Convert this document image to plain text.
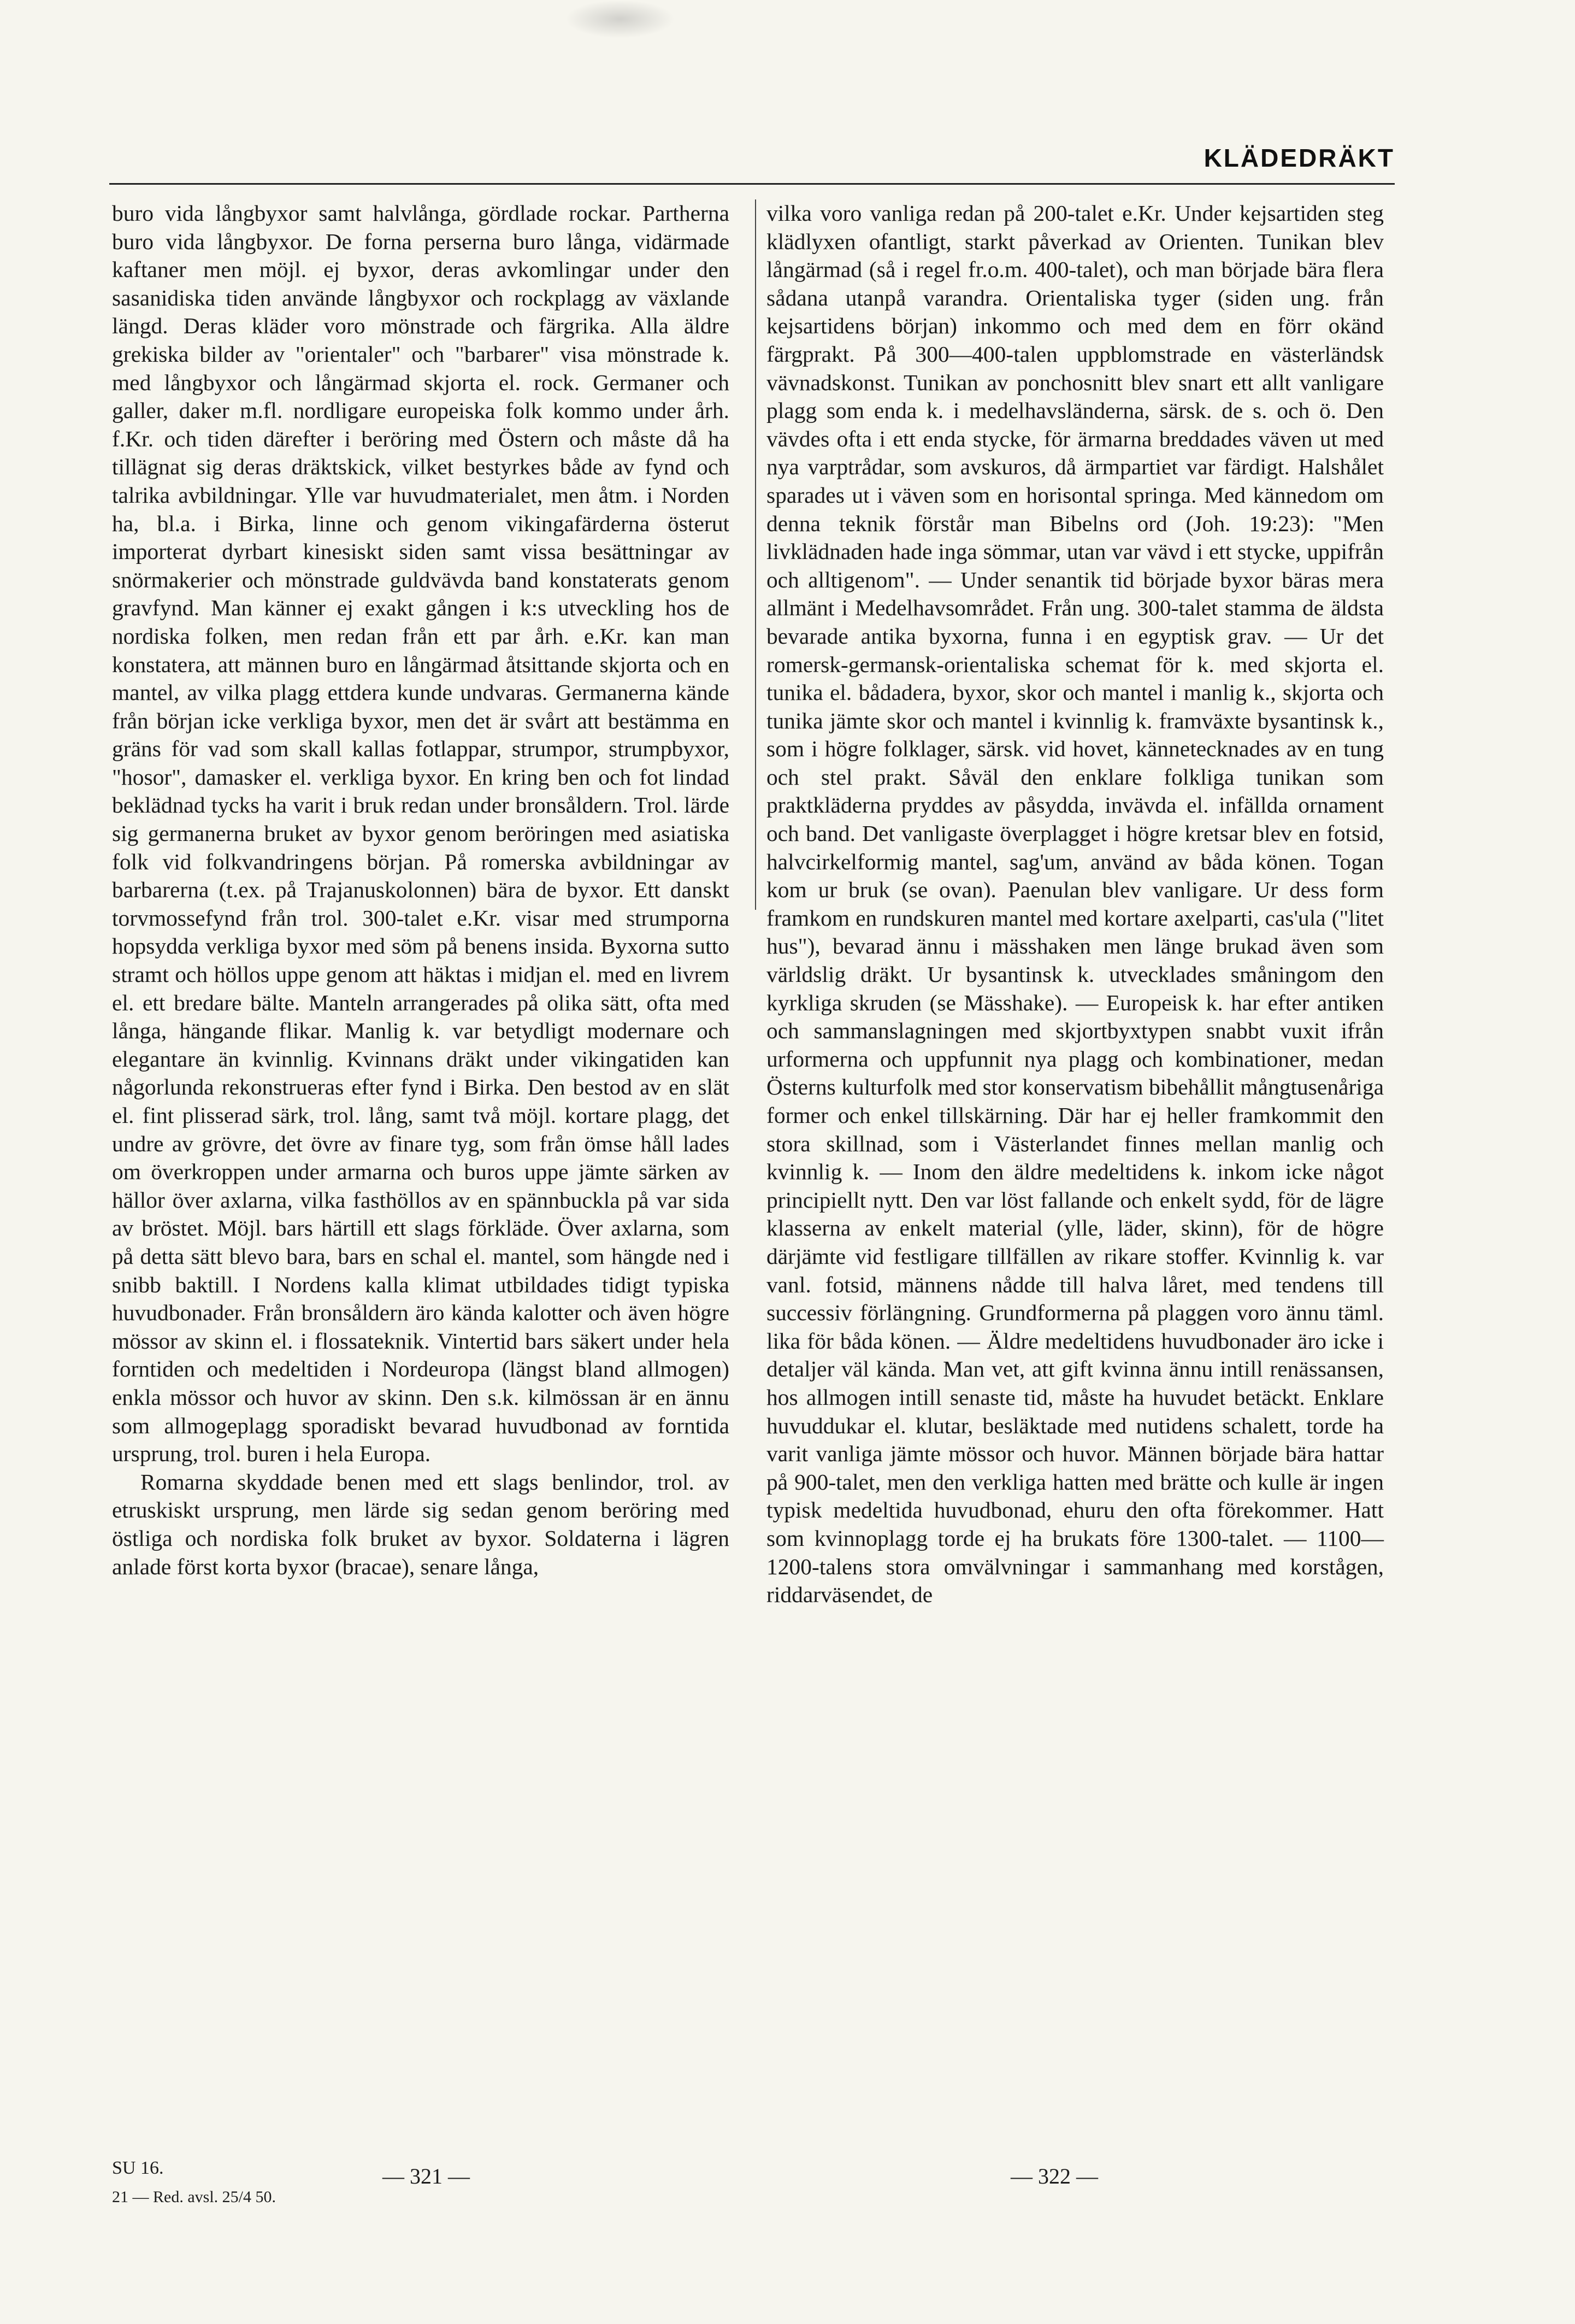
KLÄDEDRÄKT

buro vida långbyxor samt halvlånga, gördlade rockar. Partherna buro vida långbyxor. De forna perserna buro långa, vidärmade kaftaner men möjl. ej byxor, deras avkomlingar under den sasanidiska tiden använde långbyxor och rockplagg av växlande längd. Deras kläder voro mönstrade och färgrika. Alla äldre grekiska bilder av "orientaler" och "barbarer" visa mönstrade k. med långbyxor och långärmad skjorta el. rock. Germaner och galler, daker m.fl. nordligare europeiska folk kommo under årh. f.Kr. och tiden därefter i beröring med Östern och måste då ha tillägnat sig deras dräktskick, vilket bestyrkes både av fynd och talrika avbildningar. Ylle var huvudmaterialet, men åtm. i Norden ha, bl.a. i Birka, linne och genom vikingafärderna österut importerat dyrbart kinesiskt siden samt vissa besättningar av snörmakerier och mönstrade guldvävda band konstaterats genom gravfynd. Man känner ej exakt gången i k:s utveckling hos de nordiska folken, men redan från ett par årh. e.Kr. kan man konstatera, att männen buro en långärmad åtsittande skjorta och en mantel, av vilka plagg ettdera kunde undvaras. Germanerna kände från början icke verkliga byxor, men det är svårt att bestämma en gräns för vad som skall kallas fotlappar, strumpor, strumpbyxor, "hosor", damasker el. verkliga byxor. En kring ben och fot lindad beklädnad tycks ha varit i bruk redan under bronsåldern. Trol. lärde sig germanerna bruket av byxor genom beröringen med asiatiska folk vid folkvandringens början. På romerska avbildningar av barbarerna (t.ex. på Trajanuskolonnen) bära de byxor. Ett danskt torvmossefynd från trol. 300-talet e.Kr. visar med strumporna hopsydda verkliga byxor med söm på benens insida. Byxorna sutto stramt och höllos uppe genom att häktas i midjan el. med en livrem el. ett bredare bälte. Manteln arrangerades på olika sätt, ofta med långa, hängande flikar. Manlig k. var betydligt modernare och elegantare än kvinnlig. Kvinnans dräkt under vikingatiden kan någorlunda rekonstrueras efter fynd i Birka. Den bestod av en slät el. fint plisserad särk, trol. lång, samt två möjl. kortare plagg, det undre av grövre, det övre av finare tyg, som från ömse håll lades om överkroppen under armarna och buros uppe jämte särken av hällor över axlarna, vilka fasthöllos av en spännbuckla på var sida av bröstet. Möjl. bars härtill ett slags förkläde. Över axlarna, som på detta sätt blevo bara, bars en schal el. mantel, som hängde ned i snibb baktill. I Nordens kalla klimat utbildades tidigt typiska huvudbonader. Från bronsåldern äro kända kalotter och även högre mössor av skinn el. i flossateknik. Vintertid bars säkert under hela forntiden och medeltiden i Nordeuropa (längst bland allmogen) enkla mössor och huvor av skinn. Den s.k. kilmössan är en ännu som allmogeplagg sporadiskt bevarad huvudbonad av forntida ursprung, trol. buren i hela Europa.

Romarna skyddade benen med ett slags benlindor, trol. av etruskiskt ursprung, men lärde sig sedan genom beröring med östliga och nordiska folk bruket av byxor. Soldaterna i lägren anlade först korta byxor (bracae), senare långa,

vilka voro vanliga redan på 200-talet e.Kr. Under kejsartiden steg klädlyxen ofantligt, starkt påverkad av Orienten. Tunikan blev långärmad (så i regel fr.o.m. 400-talet), och man började bära flera sådana utanpå varandra. Orientaliska tyger (siden ung. från kejsartidens början) inkommo och med dem en förr okänd färgprakt. På 300—400-talen uppblomstrade en västerländsk vävnadskonst. Tunikan av ponchosnitt blev snart ett allt vanligare plagg som enda k. i medelhavsländerna, särsk. de s. och ö. Den vävdes ofta i ett enda stycke, för ärmarna breddades väven ut med nya varptrådar, som avskuros, då ärmpartiet var färdigt. Halshålet sparades ut i väven som en horisontal springa. Med kännedom om denna teknik förstår man Bibelns ord (Joh. 19:23): "Men livklädnaden hade inga sömmar, utan var vävd i ett stycke, uppifrån och alltigenom". — Under senantik tid började byxor bäras mera allmänt i Medelhavsområdet. Från ung. 300-talet stamma de äldsta bevarade antika byxorna, funna i en egyptisk grav. — Ur det romersk-germansk-orientaliska schemat för k. med skjorta el. tunika el. bådadera, byxor, skor och mantel i manlig k., skjorta och tunika jämte skor och mantel i kvinnlig k. framväxte bysantinsk k., som i högre folklager, särsk. vid hovet, kännetecknades av en tung och stel prakt. Såväl den enklare folkliga tunikan som praktkläderna pryddes av påsydda, invävda el. infällda ornament och band. Det vanligaste överplagget i högre kretsar blev en fotsid, halvcirkelformig mantel, sag'um, använd av båda könen. Togan kom ur bruk (se ovan). Paenulan blev vanligare. Ur dess form framkom en rundskuren mantel med kortare axelparti, cas'ula ("litet hus"), bevarad ännu i mässhaken men länge brukad även som världslig dräkt. Ur bysantinsk k. utvecklades småningom den kyrkliga skruden (se Mässhake). — Europeisk k. har efter antiken och sammanslagningen med skjortbyxtypen snabbt vuxit ifrån urformerna och uppfunnit nya plagg och kombinationer, medan Österns kulturfolk med stor konservatism bibehållit mångtusenåriga former och enkel tillskärning. Där har ej heller framkommit den stora skillnad, som i Västerlandet finnes mellan manlig och kvinnlig k. — Inom den äldre medeltidens k. inkom icke något principiellt nytt. Den var löst fallande och enkelt sydd, för de lägre klasserna av enkelt material (ylle, läder, skinn), för de högre därjämte vid festligare tillfällen av rikare stoffer. Kvinnlig k. var vanl. fotsid, männens nådde till halva låret, med tendens till successiv förlängning. Grundformerna på plaggen voro ännu täml. lika för båda könen. — Äldre medeltidens huvudbonader äro icke i detaljer väl kända. Man vet, att gift kvinna ännu intill renässansen, hos allmogen intill senaste tid, måste ha huvudet betäckt. Enklare huvuddukar el. klutar, besläktade med nutidens schalett, torde ha varit vanliga jämte mössor och huvor. Männen började bära hattar på 900-talet, men den verkliga hatten med brätte och kulle är ingen typisk medeltida huvudbonad, ehuru den ofta förekommer. Hatt som kvinnoplagg torde ej ha brukats före 1300-talet. — 1100—1200-talens stora omvälvningar i sammanhang med korstågen, riddarväsendet, de

SU 16.
21 — Red. avsl. 25/4 50.
— 321 —	— 322 —
